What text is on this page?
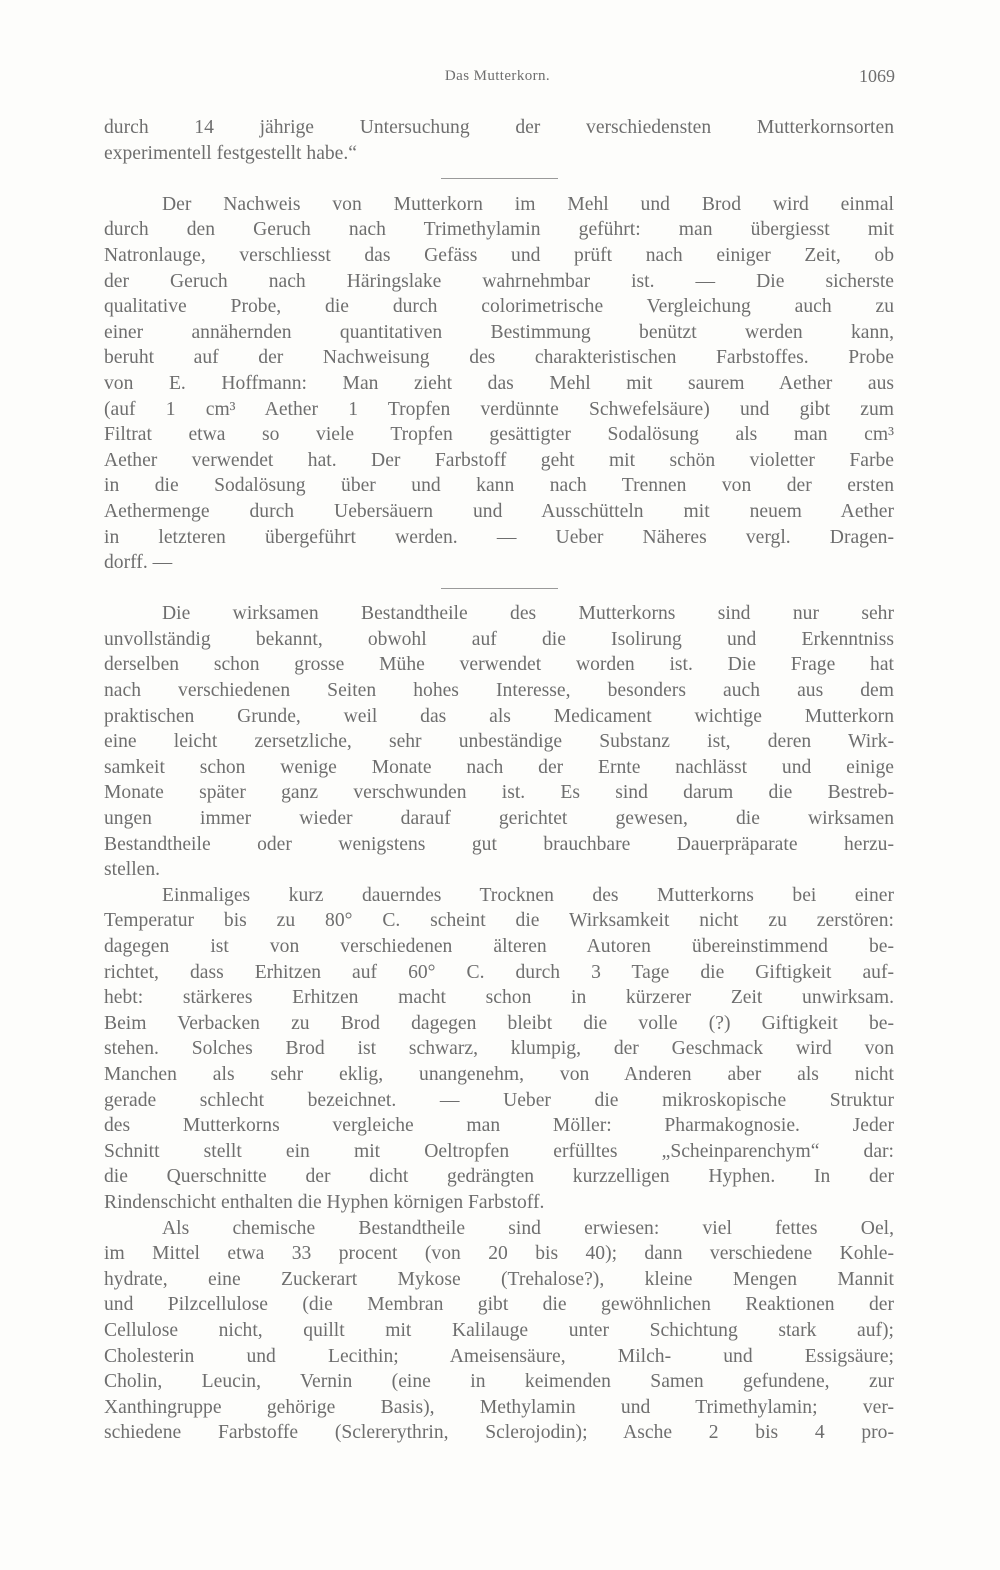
Das Mutterkorn.	1069
durch 14 jährige Untersuchung der verschiedensten Mutterkornsorten
experimentell festgestellt habe.“
Der Nachweis von Mutterkorn im Mehl und Brod wird einmal
durch den Geruch nach Trimethylamin geführt: man übergiesst mit
Natronlauge, verschliesst das Gefäss und prüft nach einiger Zeit, ob
der Geruch nach Häringslake wahrnehmbar ist. — Die sicherste
qualitative Probe, die durch colorimetrische Vergleichung auch zu
einer annähernden quantitativen Bestimmung benützt werden kann,
beruht auf der Nachweisung des charakteristischen Farbstoffes. Probe
von E. Hoffmann: Man zieht das Mehl mit saurem Aether aus
(auf 1 cm³ Aether 1 Tropfen verdünnte Schwefelsäure) und gibt zum
Filtrat etwa so viele Tropfen gesättigter Sodalösung als man cm³
Aether verwendet hat. Der Farbstoff geht mit schön violetter Farbe
in die Sodalösung über und kann nach Trennen von der ersten
Aethermenge durch Uebersäuern und Ausschütteln mit neuem Aether
in letzteren übergeführt werden. — Ueber Näheres vergl. Dragen-
dorff. —
Die wirksamen Bestandtheile des Mutterkorns sind nur sehr
unvollständig bekannt, obwohl auf die Isolirung und Erkenntniss
derselben schon grosse Mühe verwendet worden ist. Die Frage hat
nach verschiedenen Seiten hohes Interesse, besonders auch aus dem
praktischen Grunde, weil das als Medicament wichtige Mutterkorn
eine leicht zersetzliche, sehr unbeständige Substanz ist, deren Wirk-
samkeit schon wenige Monate nach der Ernte nachlässt und einige
Monate später ganz verschwunden ist. Es sind darum die Bestreb-
ungen immer wieder darauf gerichtet gewesen, die wirksamen
Bestandtheile oder wenigstens gut brauchbare Dauerpräparate herzu-
stellen.
Einmaliges kurz dauerndes Trocknen des Mutterkorns bei einer
Temperatur bis zu 80° C. scheint die Wirksamkeit nicht zu zerstören:
dagegen ist von verschiedenen älteren Autoren übereinstimmend be-
richtet, dass Erhitzen auf 60° C. durch 3 Tage die Giftigkeit auf-
hebt: stärkeres Erhitzen macht schon in kürzerer Zeit unwirksam.
Beim Verbacken zu Brod dagegen bleibt die volle (?) Giftigkeit be-
stehen. Solches Brod ist schwarz, klumpig, der Geschmack wird von
Manchen als sehr eklig, unangenehm, von Anderen aber als nicht
gerade schlecht bezeichnet. — Ueber die mikroskopische Struktur
des Mutterkorns vergleiche man Möller: Pharmakognosie. Jeder
Schnitt stellt ein mit Oeltropfen erfülltes „Scheinparenchym“ dar:
die Querschnitte der dicht gedrängten kurzzelligen Hyphen. In der
Rindenschicht enthalten die Hyphen körnigen Farbstoff.
Als chemische Bestandtheile sind erwiesen: viel fettes Oel,
im Mittel etwa 33 procent (von 20 bis 40); dann verschiedene Kohle-
hydrate, eine Zuckerart Mykose (Trehalose?), kleine Mengen Mannit
und Pilzcellulose (die Membran gibt die gewöhnlichen Reaktionen der
Cellulose nicht, quillt mit Kalilauge unter Schichtung stark auf);
Cholesterin und Lecithin; Ameisensäure, Milch- und Essigsäure;
Cholin, Leucin, Vernin (eine in keimenden Samen gefundene, zur
Xanthingruppe gehörige Basis), Methylamin und Trimethylamin; ver-
schiedene Farbstoffe (Sclererythrin, Sclerojodin); Asche 2 bis 4 pro-
